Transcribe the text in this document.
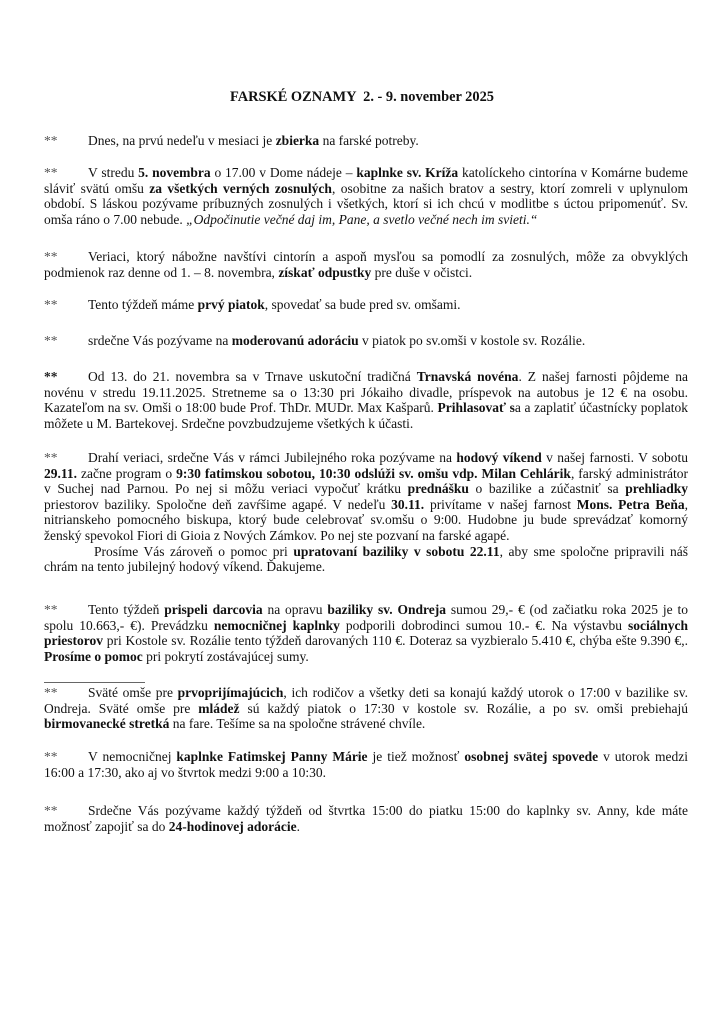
FARSKÉ OZNAMY  2. - 9. november 2025
** Dnes, na prvú nedeľu v mesiaci je zbierka na farské potreby.
** V stredu 5. novembra o 17.00 v Dome nádeje – kaplnke sv. Kríža katolíckeho cintorína v Komárne budeme sláviť svätú omšu za všetkých verných zosnulých, osobitne za našich bratov a sestry, ktorí zomreli v uplynulom období. S láskou pozývame príbuzných zosnulých i všetkých, ktorí si ich chcú v modlitbe s úctou pripomenúť. Sv. omša ráno o 7.00 nebude. „Odpočinutie večné daj im, Pane, a svetlo večné nech im svieti.“
** Veriaci, ktorý nábožne navštívi cintorín a aspoň mysľou sa pomodlí za zosnulých, môže za obvyklých podmienok raz denne od 1. – 8. novembra, získať odpustky pre duše v očistci.
** Tento týždeň máme prvý piatok, spovedať sa bude pred sv. omšami.
** srdečne Vás pozývame na moderovanú adoráciu v piatok po sv.omši v kostole sv. Rozálie.
** Od 13. do 21. novembra sa v Trnave uskutoční tradičná Trnavská novéna. Z našej farnosti pôjdeme na novénu v stredu 19.11.2025. Stretneme sa o 13:30 pri Jókaiho divadle, príspevok na autobus je 12 € na osobu. Kazateľom na sv. Omši o 18:00 bude Prof. ThDr. MUDr. Max Kašparů. Prihlasovať sa a zaplatiť účastnícky poplatok môžete u M. Bartekovej. Srdečne povzbudzujeme všetkých k účasti.
** Drahí veriaci, srdečne Vás v rámci Jubilejného roka pozývame na hodový víkend v našej farnosti. V sobotu 29.11. začne program o 9:30 fatimskou sobotou, 10:30 odslúži sv. omšu vdp. Milan Cehlárik, farský administrátor v Suchej nad Parnou. Po nej si môžu veriaci vypočuť krátku prednášku o bazilike a zúčastniť sa prehliadky priestorov baziliky. Spoločne deň zavŕšime agapé. V nedeľu 30.11. privítame v našej farnost Mons. Petra Beňa, nitrianskeho pomocného biskupa, ktorý bude celebrovať sv.omšu o 9:00. Hudobne ju bude sprevádzať komorný ženský spevokol Fiori di Gioia z Nových Zámkov. Po nej ste pozvaní na farské agapé.
Prosíme Vás zároveň o pomoc pri upratovaní baziliky v sobotu 22.11, aby sme spoločne pripravili náš chrám na tento jubilejný hodový víkend. Ďakujeme.
** Tento týždeň prispeli darcovia na opravu baziliky sv. Ondreja sumou 29,- € (od začiatku roka 2025 je to spolu 10.663,- €). Prevádzku nemocničnej kaplnky podporili dobrodinci sumou 10.- €. Na výstavbu sociálnych priestorov pri Kostole sv. Rozálie tento týždeň darovaných 110 €. Doteraz sa vyzbieralo 5.410 €, chýba ešte 9.390 €,. Prosíme o pomoc pri pokrytí zostávajúcej sumy.
** Sväté omše pre prvoprijímajúcich, ich rodičov a všetky deti sa konajú každý utorok o 17:00 v bazilike sv. Ondreja. Sväté omše pre mládež sú každý piatok o 17:30 v kostole sv. Rozálie, a po sv. omši prebiehajú birmovanecké stretká na fare. Tešíme sa na spoločne strávené chvíle.
** V nemocničnej kaplnke Fatimskej Panny Márie je tiež možnosť osobnej svätej spovede v utorok medzi 16:00 a 17:30, ako aj vo štvrtok medzi 9:00 a 10:30.
** Srdečne Vás pozývame každý týždeň od štvrtka 15:00 do piatku 15:00 do kaplnky sv. Anny, kde máte možnosť zapojiť sa do 24-hodinovej adorácie.
